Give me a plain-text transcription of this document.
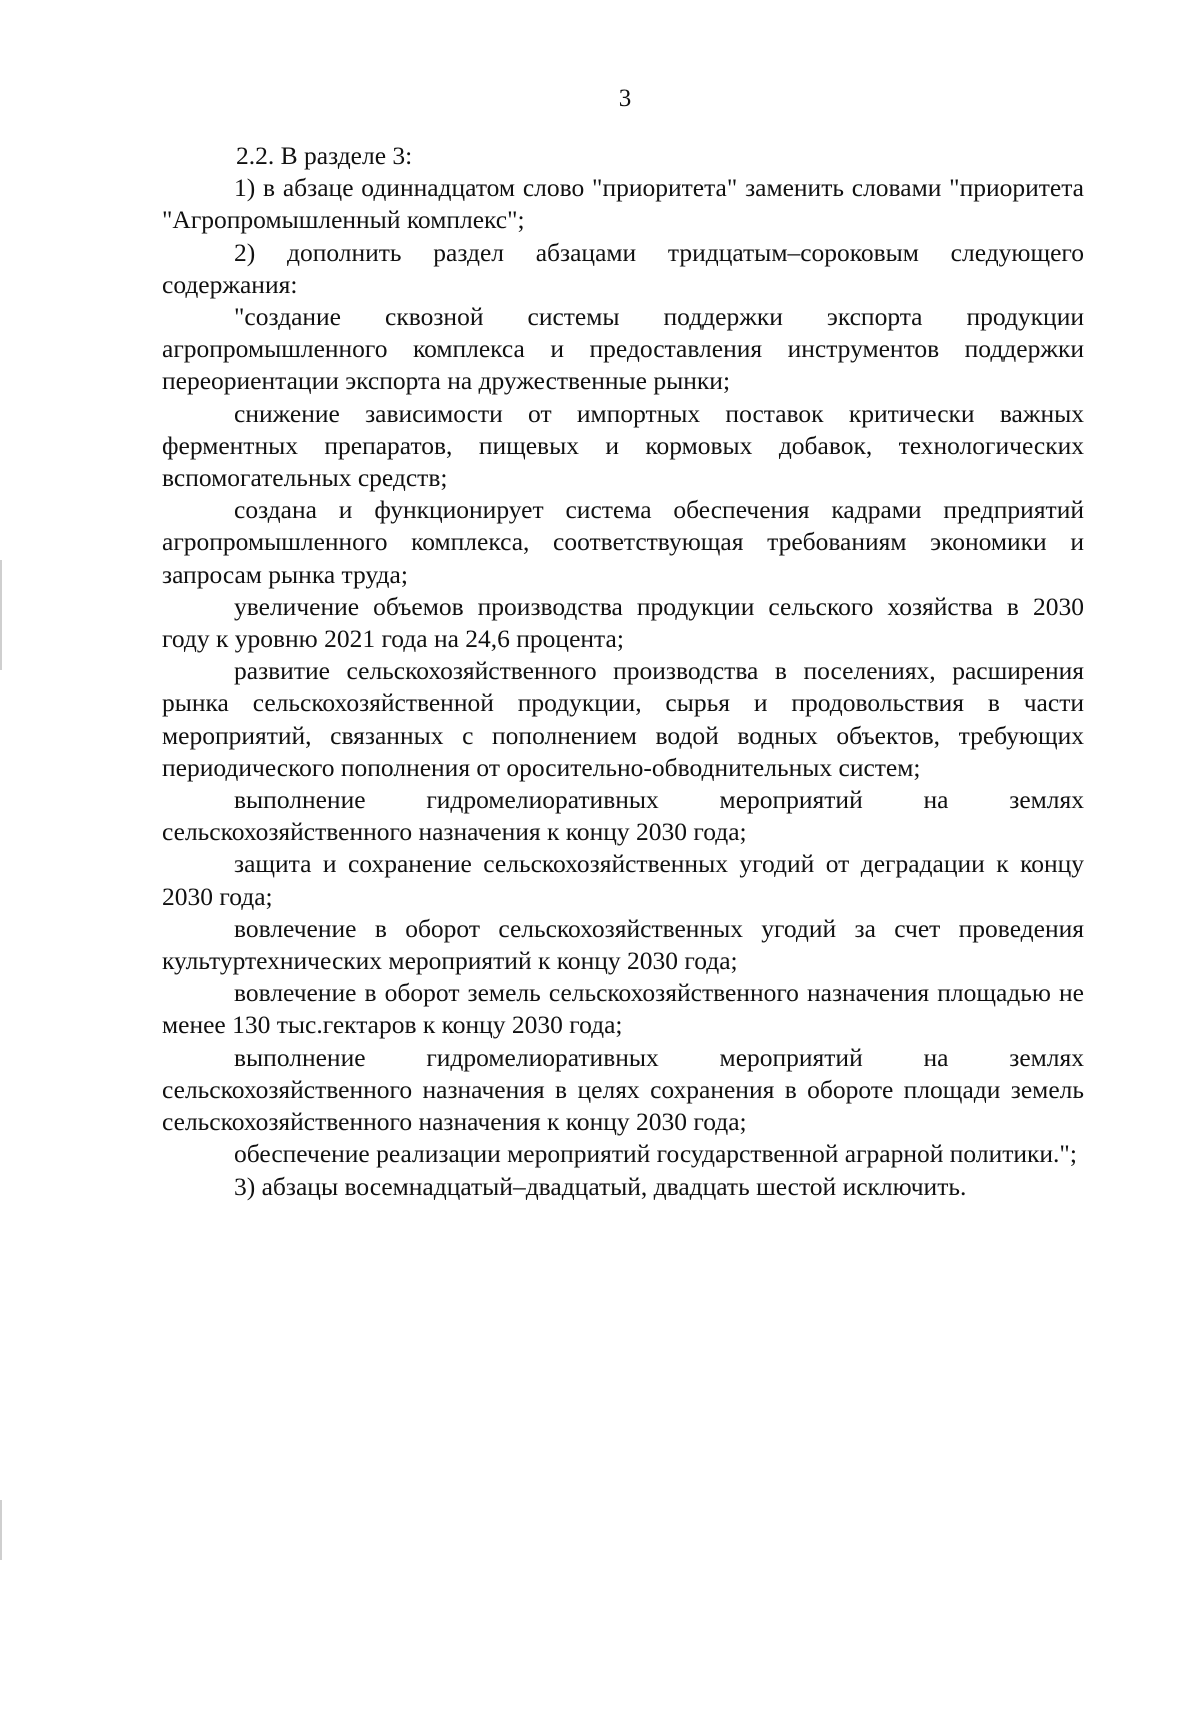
3

2.2. В разделе 3:

1) в абзаце одиннадцатом слово "приоритета" заменить словами "приоритета "Агропромышленный комплекс";

2) дополнить раздел абзацами тридцатым–сороковым следующего содержания:

"создание сквозной системы поддержки экспорта продукции агропромышленного комплекса и предоставления инструментов поддержки переориентации экспорта на дружественные рынки;

снижение зависимости от импортных поставок критически важных ферментных препаратов, пищевых и кормовых добавок, технологических вспомогательных средств;

создана и функционирует система обеспечения кадрами предприятий агропромышленного комплекса, соответствующая требованиям экономики и запросам рынка труда;

увеличение объемов производства продукции сельского хозяйства в 2030 году к уровню 2021 года на 24,6 процента;

развитие сельскохозяйственного производства в поселениях, расширения рынка сельскохозяйственной продукции, сырья и продовольствия в части мероприятий, связанных с пополнением водой водных объектов, требующих периодического пополнения от оросительно-обводнительных систем;

выполнение гидромелиоративных мероприятий на землях сельскохозяйственного назначения к концу 2030 года;

защита и сохранение сельскохозяйственных угодий от деградации к концу 2030 года;

вовлечение в оборот сельскохозяйственных угодий за счет проведения культуртехнических мероприятий к концу 2030 года;

вовлечение в оборот земель сельскохозяйственного назначения площадью не менее 130 тыс.гектаров к концу 2030 года;

выполнение гидромелиоративных мероприятий на землях сельскохозяйственного назначения в целях сохранения в обороте площади земель сельскохозяйственного назначения к концу 2030 года;

обеспечение реализации мероприятий государственной аграрной политики.";

3) абзацы восемнадцатый–двадцатый, двадцать шестой исключить.
